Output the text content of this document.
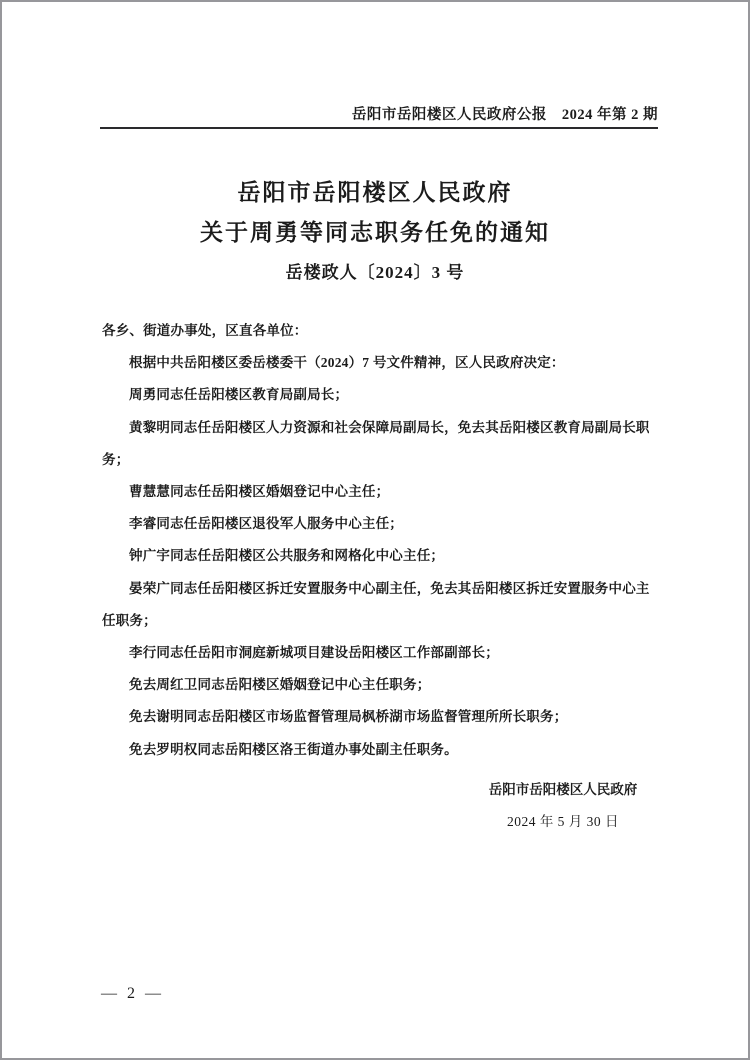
岳阳市岳阳楼区人民政府公报　2024 年第 2 期
岳阳市岳阳楼区人民政府
关于周勇等同志职务任免的通知
岳楼政人〔2024〕3 号

各乡、街道办事处，区直各单位：

根据中共岳阳楼区委岳楼委干（2024）7 号文件精神，区人民政府决定：

周勇同志任岳阳楼区教育局副局长；

黄黎明同志任岳阳楼区人力资源和社会保障局副局长，免去其岳阳楼区教育局副局长职务；

曹慧慧同志任岳阳楼区婚姻登记中心主任；

李睿同志任岳阳楼区退役军人服务中心主任；

钟广宇同志任岳阳楼区公共服务和网格化中心主任；

晏荣广同志任岳阳楼区拆迁安置服务中心副主任，免去其岳阳楼区拆迁安置服务中心主任职务；

李行同志任岳阳市洞庭新城项目建设岳阳楼区工作部副部长；

免去周红卫同志岳阳楼区婚姻登记中心主任职务；

免去谢明同志岳阳楼区市场监督管理局枫桥湖市场监督管理所所长职务；

免去罗明权同志岳阳楼区洛王街道办事处副主任职务。

岳阳市岳阳楼区人民政府
2024 年 5 月 30 日
— 2 —
